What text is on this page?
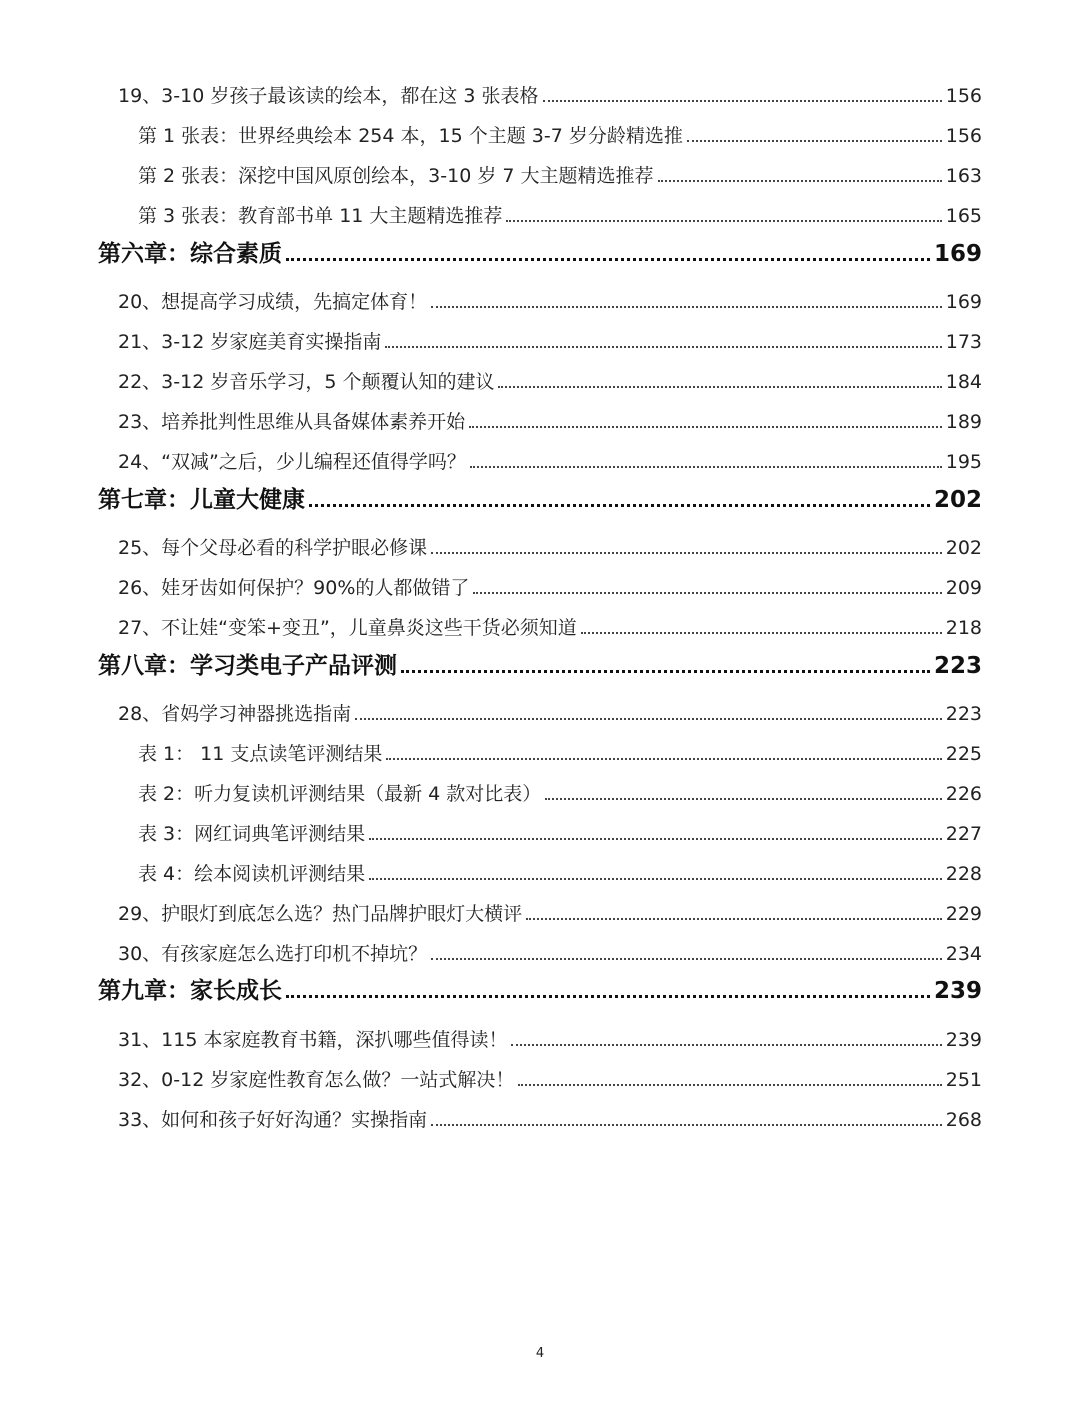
19、3-10 岁孩子最该读的绘本，都在这 3 张表格	156
第 1 张表：世界经典绘本 254 本，15 个主题 3-7 岁分龄精选推	156
第 2 张表：深挖中国风原创绘本，3-10 岁 7 大主题精选推荐	163
第 3 张表：教育部书单 11 大主题精选推荐	165
第六章：综合素质	169
20、想提高学习成绩，先搞定体育！	169
21、3-12 岁家庭美育实操指南	173
22、3-12 岁音乐学习，5 个颠覆认知的建议	184
23、培养批判性思维从具备媒体素养开始	189
24、“双减”之后，少儿编程还值得学吗？	195
第七章：儿童大健康	202
25、每个父母必看的科学护眼必修课	202
26、娃牙齿如何保护？90%的人都做错了	209
27、不让娃“变笨+变丑”，儿童鼻炎这些干货必须知道	218
第八章：学习类电子产品评测	223
28、省妈学习神器挑选指南	223
表 1： 11 支点读笔评测结果	225
表 2：听力复读机评测结果（最新 4 款对比表）	226
表 3：网红词典笔评测结果	227
表 4：绘本阅读机评测结果	228
29、护眼灯到底怎么选？热门品牌护眼灯大横评	229
30、有孩家庭怎么选打印机不掉坑？	234
第九章：家长成长	239
31、115 本家庭教育书籍，深扒哪些值得读！	239
32、0-12 岁家庭性教育怎么做？一站式解决！	251
33、如何和孩子好好沟通？实操指南	268
4
